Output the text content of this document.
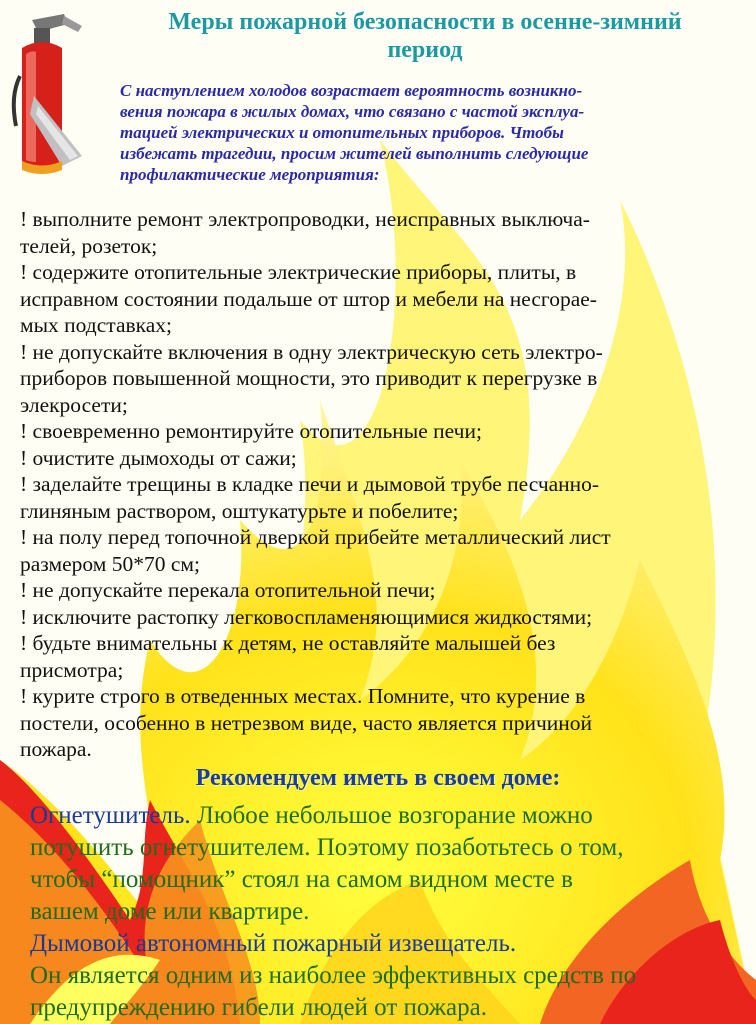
Меры пожарной безопасности в осенне-зимний
период
С наступлением холодов возрастает вероятность возникно-
вения пожара в жилых домах, что связано с частой эксплуа-
тацией электрических и отопительных приборов. Чтобы
избежать трагедии, просим жителей выполнить следующие
профилактические мероприятия:
! выполните ремонт электропроводки, неисправных выключа-
телей, розеток;
! содержите отопительные электрические приборы, плиты, в
исправном состоянии подальше от штор и мебели на несгорае-
мых подставках;
! не допускайте включения в одну электрическую сеть электро-
приборов повышенной мощности, это приводит к перегрузке в
элекросети;
! своевременно ремонтируйте отопительные печи;
! очистите дымоходы от сажи;
! заделайте трещины в кладке печи и дымовой трубе песчанно-
глиняным раствором, оштукатурьте и побелите;
! на полу перед топочной дверкой прибейте металлический лист
размером 50*70 см;
! не допускайте перекала отопительной печи;
! исключите растопку легковоспламеняющимися жидкостями;
! будьте внимательны к детям, не оставляйте малышей без
присмотра;
! курите строго в отведенных местах. Помните, что курение в
постели, особенно в нетрезвом виде, часто является причиной
пожара.
Рекомендуем иметь в своем доме:
Огнетушитель. Любое небольшое возгорание можно
потушить огнетушителем. Поэтому позаботьтесь о том,
чтобы “помощник” стоял на самом видном месте в
вашем доме или квартире.
Дымовой автономный пожарный извещатель.
Он является одним из наиболее эффективных средств по
предупреждению гибели людей от пожара.
